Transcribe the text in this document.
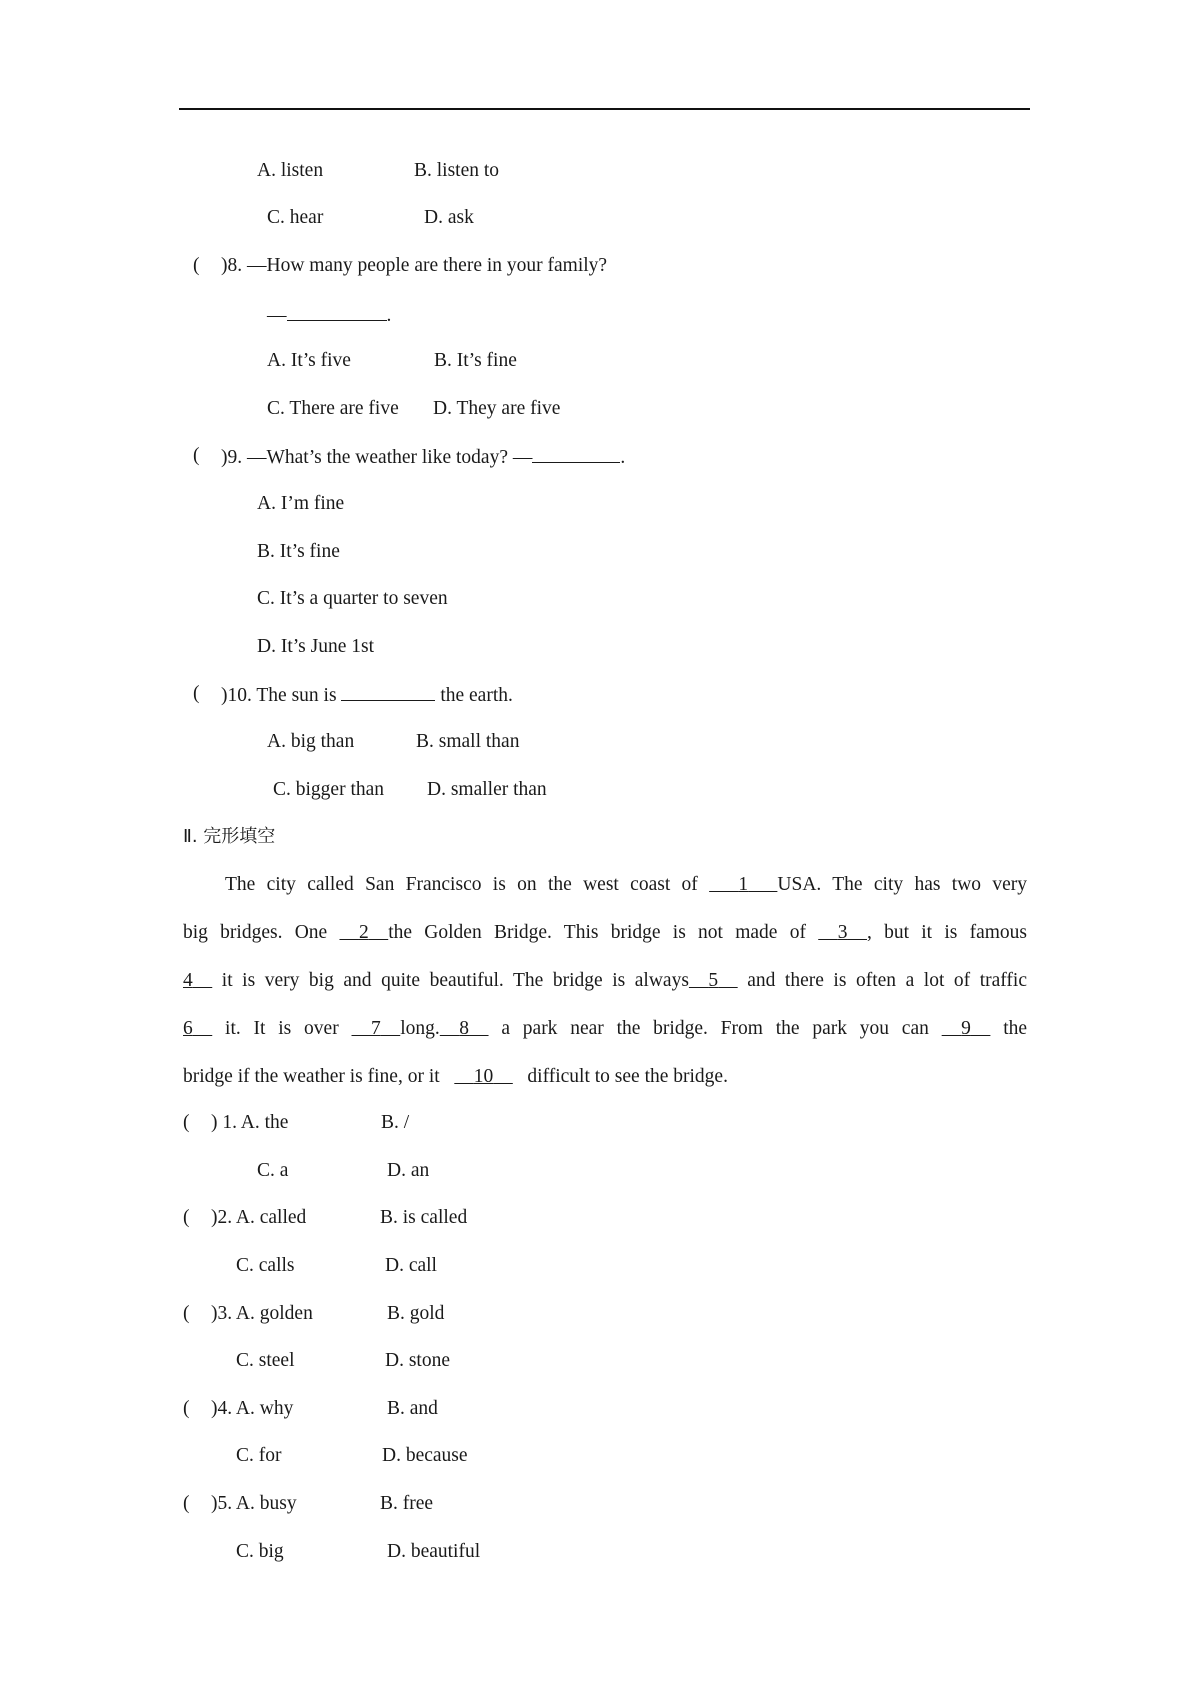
A. listen	B. listen to
C. hear	D. ask
( )8. —How many people are there in your family?
—	.
A. It’s five	B. It’s fine
C. There are five D. They are five
( )9. —What’s the weather like today? —	.
A. I’m fine
B. It’s fine
C. It’s a quarter to seven
D. It’s June 1st
( )10. The sun is	the earth.
A. big than	B. small than
C. bigger than D. smaller than
Ⅱ. 完形填空
The city called San Francisco is on the west coast of     1    USA. The city has two very
big bridges. One    2   the Golden Bridge. This bridge is not made of    3   , but it is famous
4   it is very big and quite beautiful. The bridge is always   5   and there is often a lot of traffic
6   it. It is over    7   long.   8   a park near the bridge. From the park you can    9   the
bridge if the weather is fine, or it     10    difficult to see the bridge.
( ) 1. A. the	B. /
C. a	D. an
( )2. A. called	B. is called
C. calls	D. call
( )3. A. golden	B. gold
C. steel	D. stone
( )4. A. why	B. and
C. for	D. because
( )5. A. busy	B. free
C. big	D. beautiful
